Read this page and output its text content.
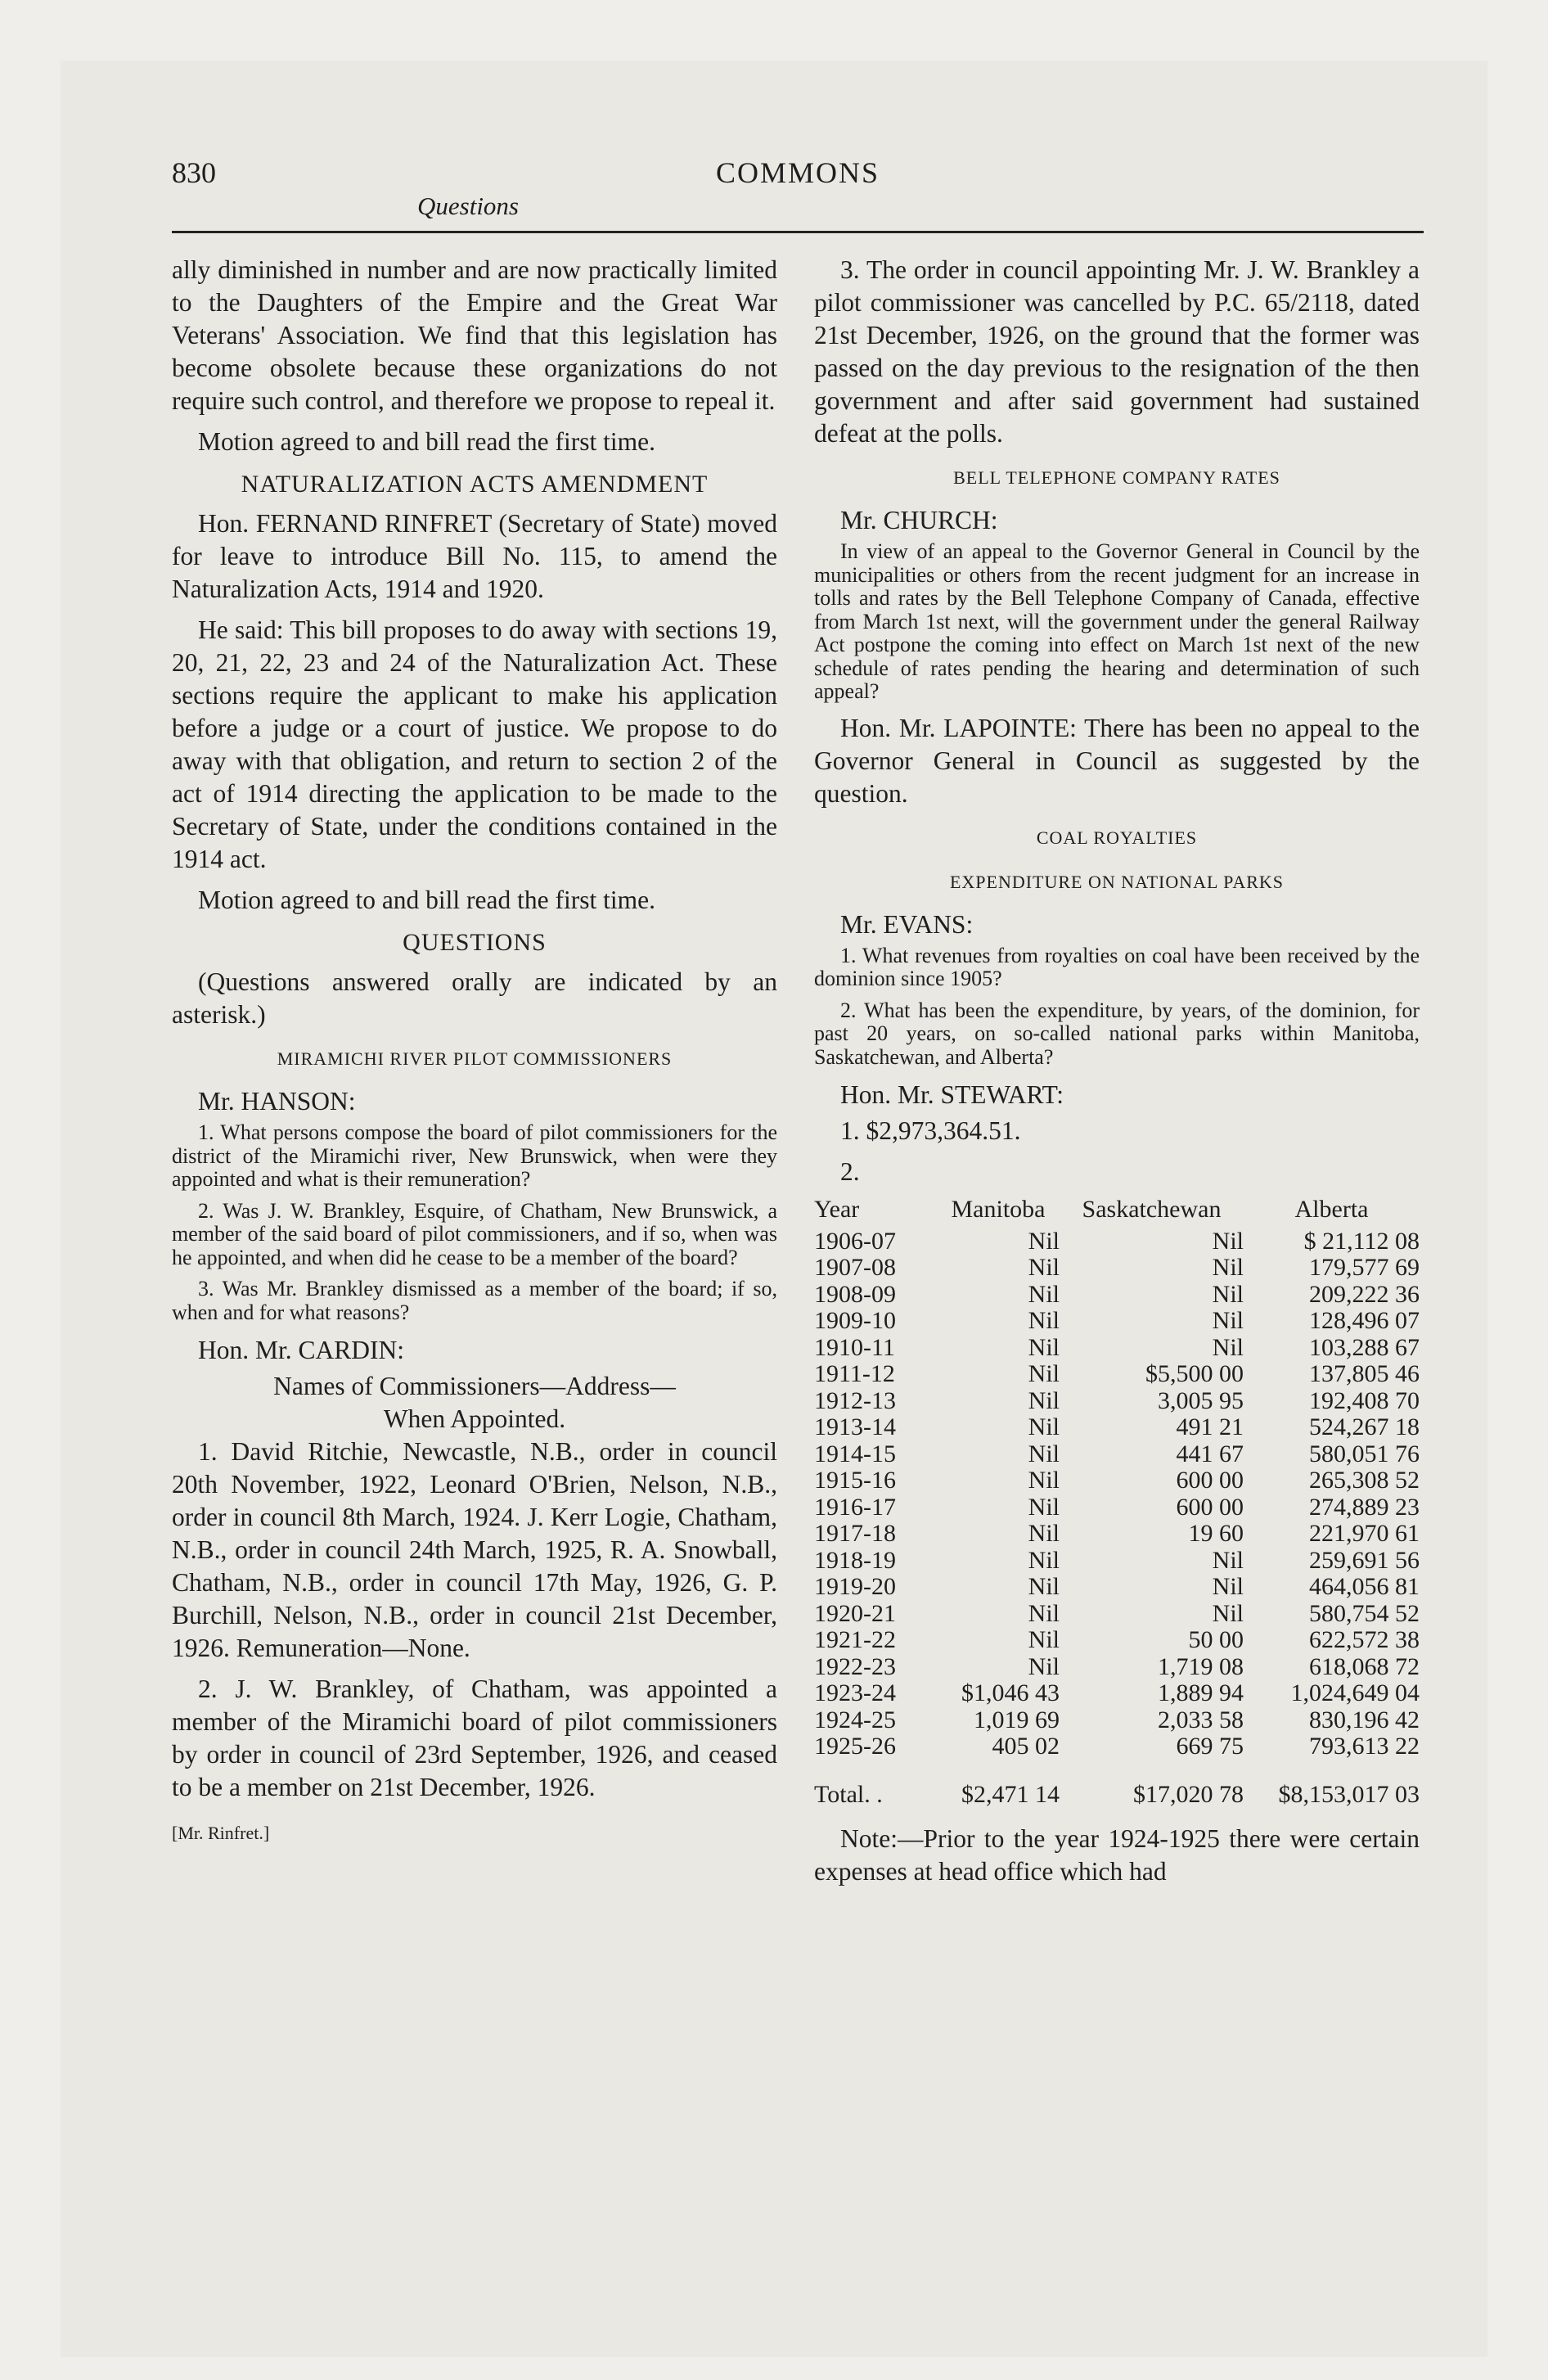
830	COMMONS
Questions

ally diminished in number and are now practically limited to the Daughters of the Empire and the Great War Veterans' Association. We find that this legislation has become obsolete because these organizations do not require such control, and therefore we propose to repeal it.

Motion agreed to and bill read the first time.

NATURALIZATION ACTS AMENDMENT

Hon. FERNAND RINFRET (Secretary of State) moved for leave to introduce Bill No. 115, to amend the Naturalization Acts, 1914 and 1920.

He said: This bill proposes to do away with sections 19, 20, 21, 22, 23 and 24 of the Naturalization Act. These sections require the applicant to make his application before a judge or a court of justice. We propose to do away with that obligation, and return to section 2 of the act of 1914 directing the application to be made to the Secretary of State, under the conditions contained in the 1914 act.

Motion agreed to and bill read the first time.

QUESTIONS

(Questions answered orally are indicated by an asterisk.)

MIRAMICHI RIVER PILOT COMMISSIONERS
Mr. HANSON:

1. What persons compose the board of pilot commissioners for the district of the Miramichi river, New Brunswick, when were they appointed and what is their remuneration?

2. Was J. W. Brankley, Esquire, of Chatham, New Brunswick, a member of the said board of pilot commissioners, and if so, when was he appointed, and when did he cease to be a member of the board?

3. Was Mr. Brankley dismissed as a member of the board; if so, when and for what reasons?

Hon. Mr. CARDIN:

Names of Commissioners—Address—

When Appointed.

1. David Ritchie, Newcastle, N.B., order in council 20th November, 1922, Leonard O'Brien, Nelson, N.B., order in council 8th March, 1924. J. Kerr Logie, Chatham, N.B., order in council 24th March, 1925, R. A. Snowball, Chatham, N.B., order in council 17th May, 1926, G. P. Burchill, Nelson, N.B., order in council 21st December, 1926. Remuneration—None.

2. J. W. Brankley, of Chatham, was appointed a member of the Miramichi board of pilot commissioners by order in council of 23rd September, 1926, and ceased to be a member on 21st December, 1926.

[Mr. Rinfret.]

3. The order in council appointing Mr. J. W. Brankley a pilot commissioner was cancelled by P.C. 65/2118, dated 21st December, 1926, on the ground that the former was passed on the day previous to the resignation of the then government and after said government had sustained defeat at the polls.

BELL TELEPHONE COMPANY RATES
Mr. CHURCH:

In view of an appeal to the Governor General in Council by the municipalities or others from the recent judgment for an increase in tolls and rates by the Bell Telephone Company of Canada, effective from March 1st next, will the government under the general Railway Act postpone the coming into effect on March 1st next of the new schedule of rates pending the hearing and determination of such appeal?

Hon. Mr. LAPOINTE: There has been no appeal to the Governor General in Council as suggested by the question.

COAL ROYALTIES
EXPENDITURE ON NATIONAL PARKS
Mr. EVANS:

1. What revenues from royalties on coal have been received by the dominion since 1905?

2. What has been the expenditure, by years, of the dominion, for past 20 years, on so-called national parks within Manitoba, Saskatchewan, and Alberta?

Hon. Mr. STEWART:

1. $2,973,364.51.

2.

Year	Manitoba	Saskatchewan	Alberta
1906-07	Nil	Nil	$ 21,112 08
1907-08	Nil	Nil	179,577 69
1908-09	Nil	Nil	209,222 36
1909-10	Nil	Nil	128,496 07
1910-11	Nil	Nil	103,288 67
1911-12	Nil	$5,500 00	137,805 46
1912-13	Nil	3,005 95	192,408 70
1913-14	Nil	491 21	524,267 18
1914-15	Nil	441 67	580,051 76
1915-16	Nil	600 00	265,308 52
1916-17	Nil	600 00	274,889 23
1917-18	Nil	19 60	221,970 61
1918-19	Nil	Nil	259,691 56
1919-20	Nil	Nil	464,056 81
1920-21	Nil	Nil	580,754 52
1921-22	Nil	50 00	622,572 38
1922-23	Nil	1,719 08	618,068 72
1923-24	$1,046 43	1,889 94	1,024,649 04
1924-25	1,019 69	2,033 58	830,196 42
1925-26	405 02	669 75	793,613 22
Total. .	$2,471 14	$17,020 78	$8,153,017 03

Note:—Prior to the year 1924-1925 there were certain expenses at head office which had
